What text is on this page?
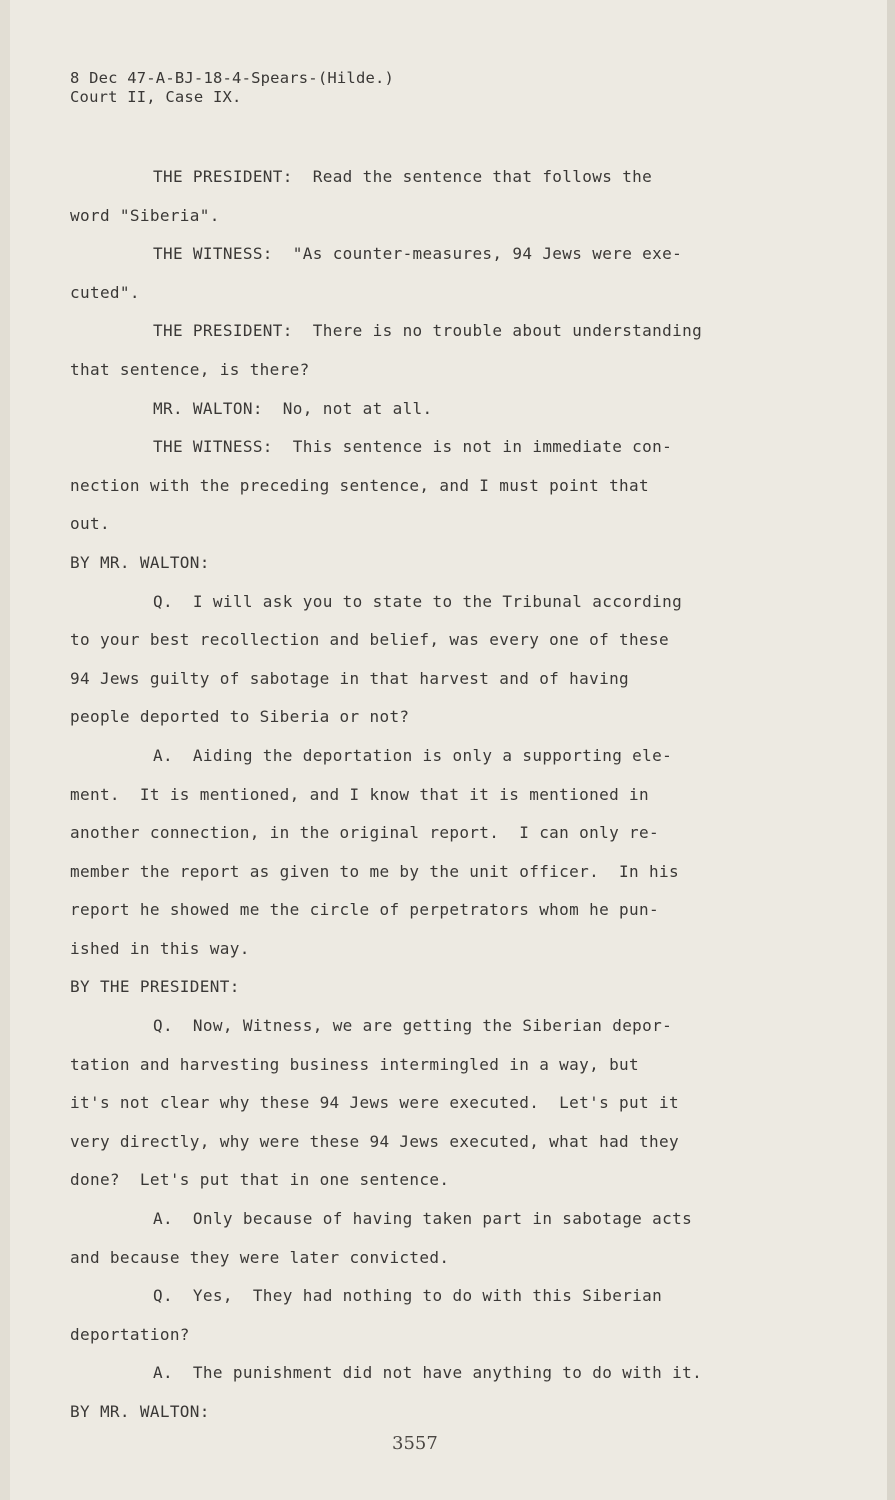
8 Dec 47-A-BJ-18-4-Spears-(Hilde.)
Court II, Case IX.
THE PRESIDENT:  Read the sentence that follows the
word "Siberia".
THE WITNESS:  "As counter-measures, 94 Jews were exe-
cuted".
THE PRESIDENT:  There is no trouble about understanding
that sentence, is there?
MR. WALTON:  No, not at all.
THE WITNESS:  This sentence is not in immediate con-
nection with the preceding sentence, and I must point that
out.
BY MR. WALTON:
Q.  I will ask you to state to the Tribunal according
to your best recollection and belief, was every one of these
94 Jews guilty of sabotage in that harvest and of having
people deported to Siberia or not?
A.  Aiding the deportation is only a supporting ele-
ment.  It is mentioned, and I know that it is mentioned in
another connection, in the original report.  I can only re-
member the report as given to me by the unit officer.  In his
report he showed me the circle of perpetrators whom he pun-
ished in this way.
BY THE PRESIDENT:
Q.  Now, Witness, we are getting the Siberian depor-
tation and harvesting business intermingled in a way, but
it's not clear why these 94 Jews were executed.  Let's put it
very directly, why were these 94 Jews executed, what had they
done?  Let's put that in one sentence.
A.  Only because of having taken part in sabotage acts
and because they were later convicted.
Q.  Yes,  They had nothing to do with this Siberian
deportation?
A.  The punishment did not have anything to do with it.
BY MR. WALTON:
3557
